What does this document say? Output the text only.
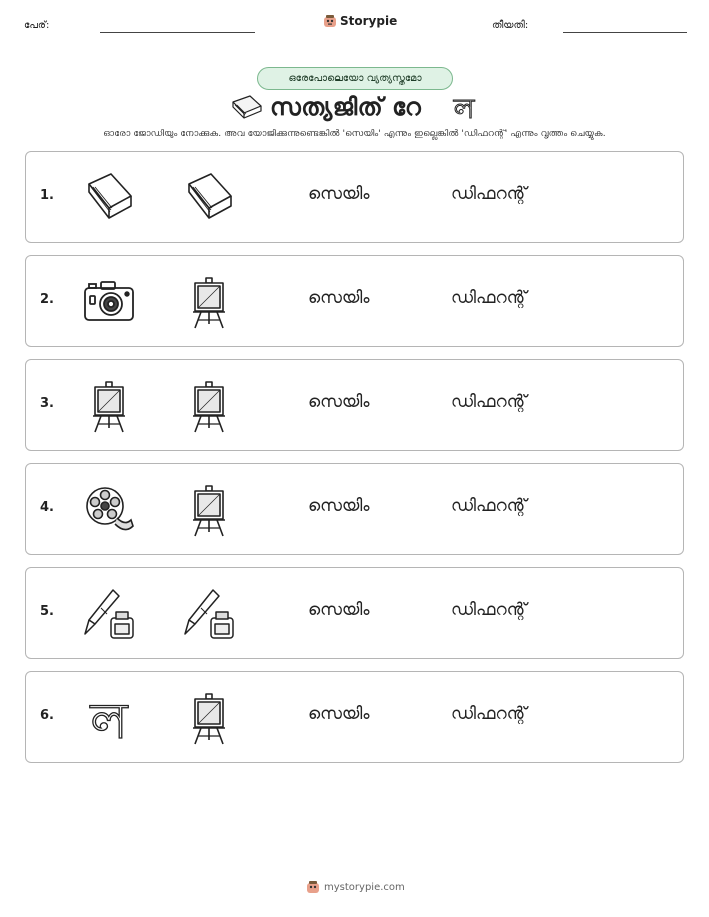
പേര്:	Storypie	തീയതി:
ഒരേപോലെയോ വ്യത്യസ്തമോ
സത്യജിത് റേ ল
ഓരോ ജോഡിയും നോക്കുക. അവ യോജിക്കുന്നുണ്ടെങ്കിൽ 'സെയിം' എന്നും ഇല്ലെങ്കിൽ 'ഡിഫറന്റ്' എന്നും വൃത്തം ചെയ്യുക.
1.	സെയിം	ഡിഫറന്റ്
2.	സെയിം	ഡിഫറന്റ്
3.	സെയിം	ഡിഫറന്റ്
4.	സെയിം	ഡിഫറന്റ്
5.	സെയിം	ഡിഫറന്റ്
6. ল	സെയിം	ഡിഫറന്റ്
mystorypie.com
